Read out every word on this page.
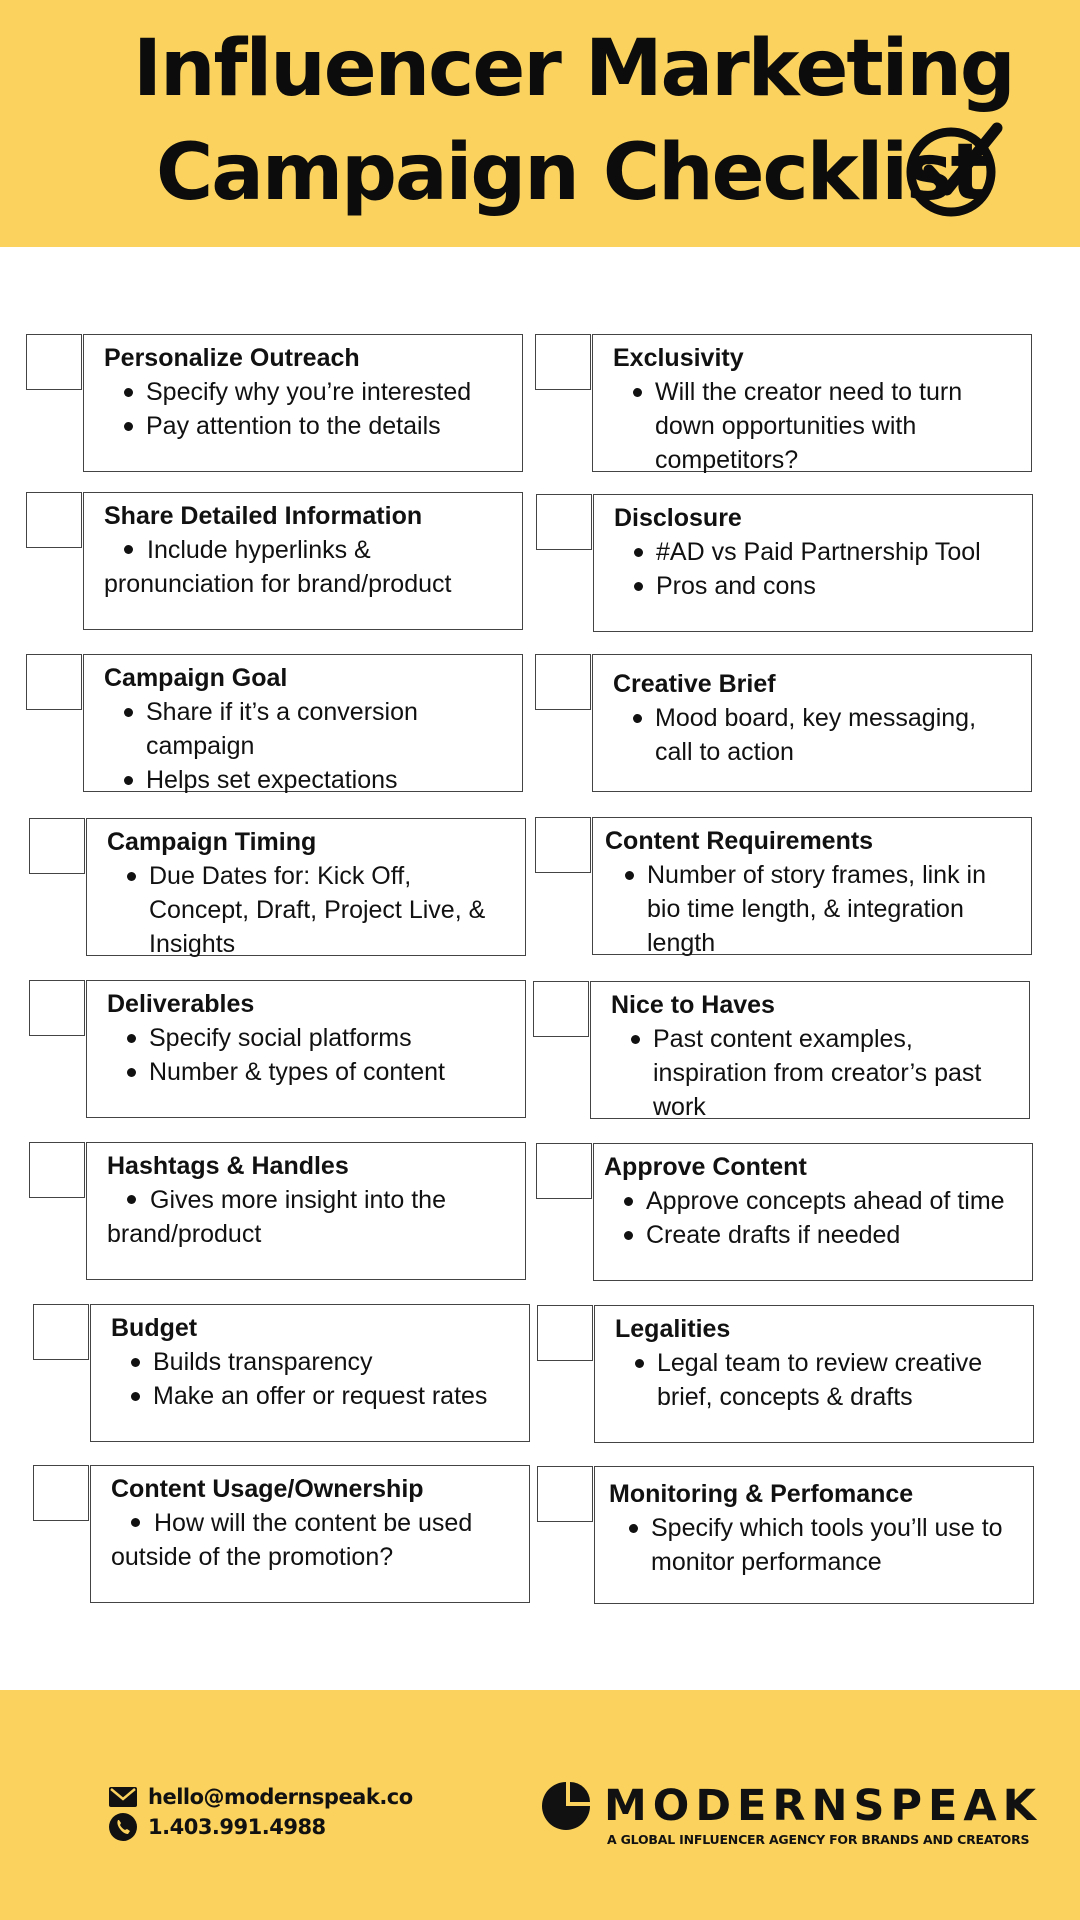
Influencer Marketing
Campaign Checklist
Personalize Outreach
Specify why you’re interested
Pay attention to the details
Share Detailed Information

Include hyperlinks & pronunciation for brand/product

Campaign Goal
Share if it’s a conversion campaign
Helps set expectations
Campaign Timing
Due Dates for: Kick Off, Concept, Draft, Project Live, & Insights
Deliverables
Specify social platforms
Number & types of content
Hashtags & Handles

Gives more insight into the brand/product

Budget
Builds transparency
Make an offer or request rates
Content Usage/Ownership

How will the content be used outside of the promotion?

Exclusivity
Will the creator need to turn down opportunities with competitors?
Disclosure
#AD vs Paid Partnership Tool
Pros and cons
Creative Brief
Mood board, key messaging, call to action
Content Requirements
Number of story frames, link in bio time length, & integration length
Nice to Haves
Past content examples, inspiration from creator’s past work
Approve Content
Approve concepts ahead of time
Create drafts if needed
Legalities
Legal team to review creative brief, concepts & drafts
Monitoring & Perfomance
Specify which tools you’ll use to monitor performance
hello@modernspeak.co
1.403.991.4988	MODERNSPEAK
A GLOBAL INFLUENCER AGENCY FOR BRANDS AND CREATORS
